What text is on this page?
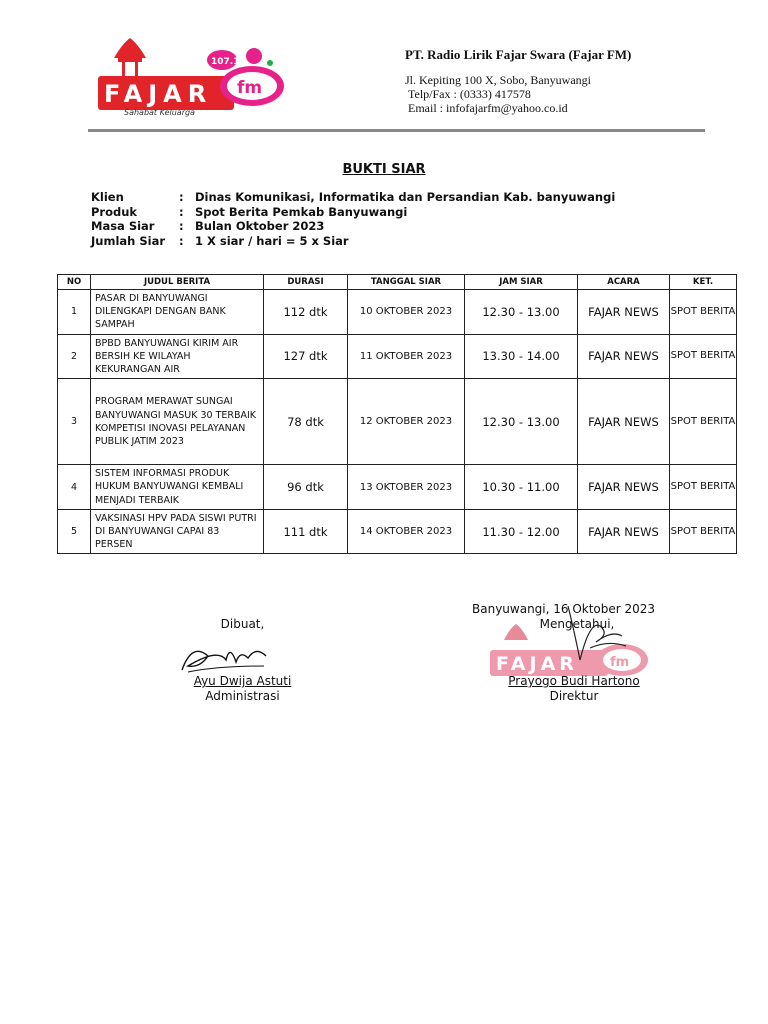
FAJAR fm
107.1
Sahabat Keluarga
PT. Radio Lirik Fajar Swara (Fajar FM)
Jl. Kepiting 100 X, Sobo, Banyuwangi
Telp/Fax : (0333) 417578
Email : infofajarfm@yahoo.co.id
BUKTI SIAR
Klien	: Dinas Komunikasi, Informatika dan Persandian Kab. banyuwangi
Produk	: Spot Berita Pemkab Banyuwangi
Masa Siar	: Bulan Oktober 2023
Jumlah Siar	: 1 X siar / hari = 5 x Siar
NO	JUDUL BERITA	DURASI	TANGGAL SIAR	JAM SIAR	ACARA	KET.
1	PASAR DI BANYUWANGI DILENGKAPI DENGAN BANK SAMPAH	112 dtk	10 OKTOBER 2023	12.30 - 13.00	FAJAR NEWS	SPOT BERITA
2	BPBD BANYUWANGI KIRIM AIR BERSIH KE WILAYAH KEKURANGAN AIR	127 dtk	11 OKTOBER 2023	13.30 - 14.00	FAJAR NEWS	SPOT BERITA
3	PROGRAM MERAWAT SUNGAI BANYUWANGI MASUK 30 TERBAIK KOMPETISI INOVASI PELAYANAN PUBLIK JATIM 2023	78 dtk	12 OKTOBER 2023	12.30 - 13.00	FAJAR NEWS	SPOT BERITA
4	SISTEM INFORMASI PRODUK HUKUM BANYUWANGI KEMBALI MENJADI TERBAIK	96 dtk	13 OKTOBER 2023	10.30 - 11.00	FAJAR NEWS	SPOT BERITA
5	VAKSINASI HPV PADA SISWI PUTRI DI BANYUWANGI CAPAI 83 PERSEN	111 dtk	14 OKTOBER 2023	11.30 - 12.00	FAJAR NEWS	SPOT BERITA
Banyuwangi, 16 Oktober 2023
Dibuat,
Ayu Dwija Astuti
Administrasi
FAJAR fm
Mengetahui,
Prayogo Budi Hartono
Direktur
